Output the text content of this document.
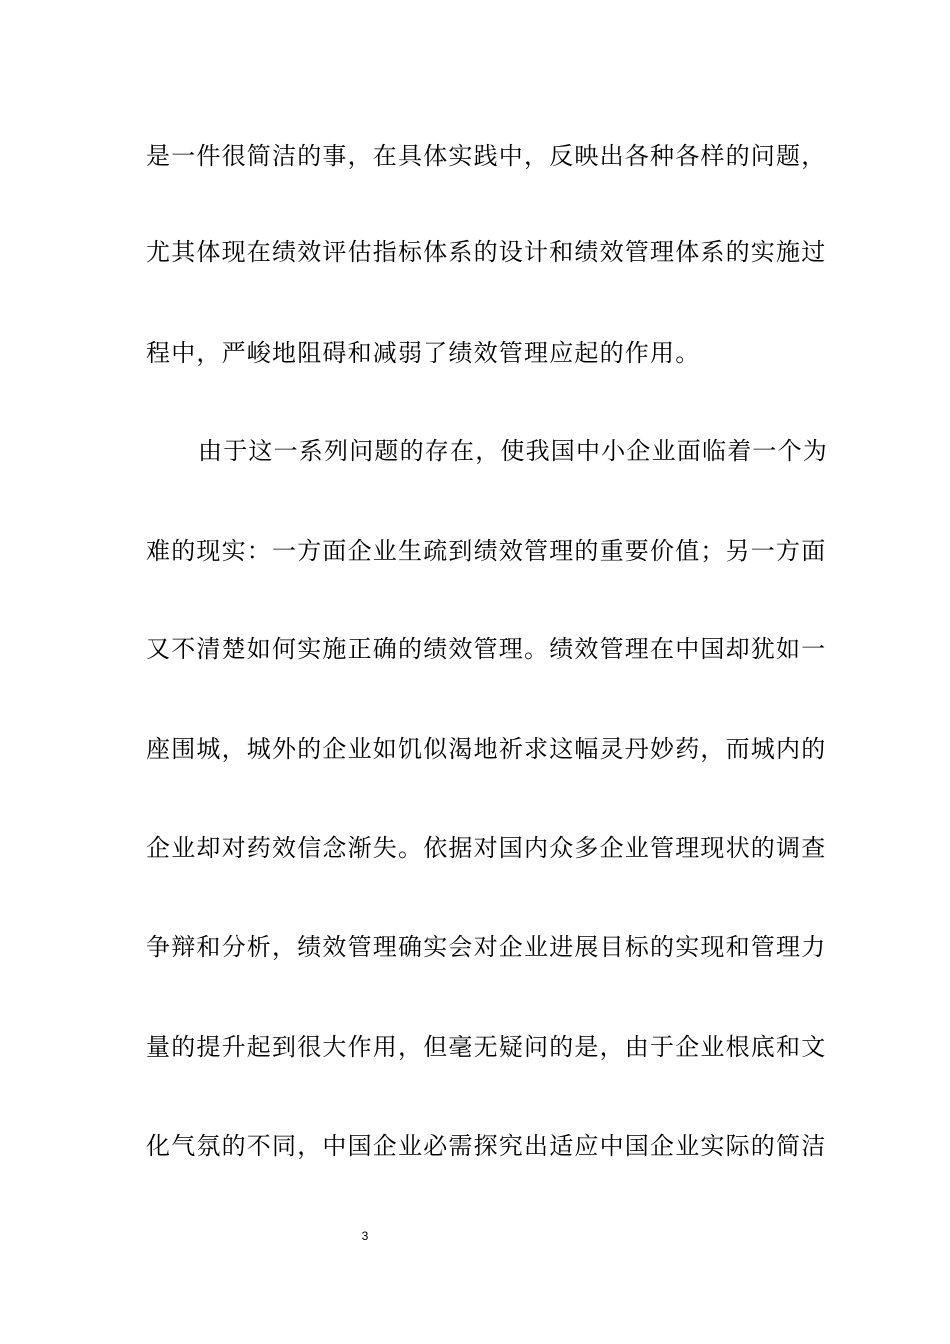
是一件很简洁的事，在具体实践中，反映出各种各样的问题，
尤其体现在绩效评估指标体系的设计和绩效管理体系的实施过
程中，严峻地阻碍和减弱了绩效管理应起的作用。
由于这一系列问题的存在，使我国中小企业面临着一个为
难的现实：一方面企业生疏到绩效管理的重要价值；另一方面
又不清楚如何实施正确的绩效管理。绩效管理在中国却犹如一
座围城，城外的企业如饥似渴地祈求这幅灵丹妙药，而城内的
企业却对药效信念渐失。依据对国内众多企业管理现状的调查
争辩和分析，绩效管理确实会对企业进展目标的实现和管理力
量的提升起到很大作用，但毫无疑问的是，由于企业根底和文
化气氛的不同，中国企业必需探究出适应中国企业实际的简洁
3
